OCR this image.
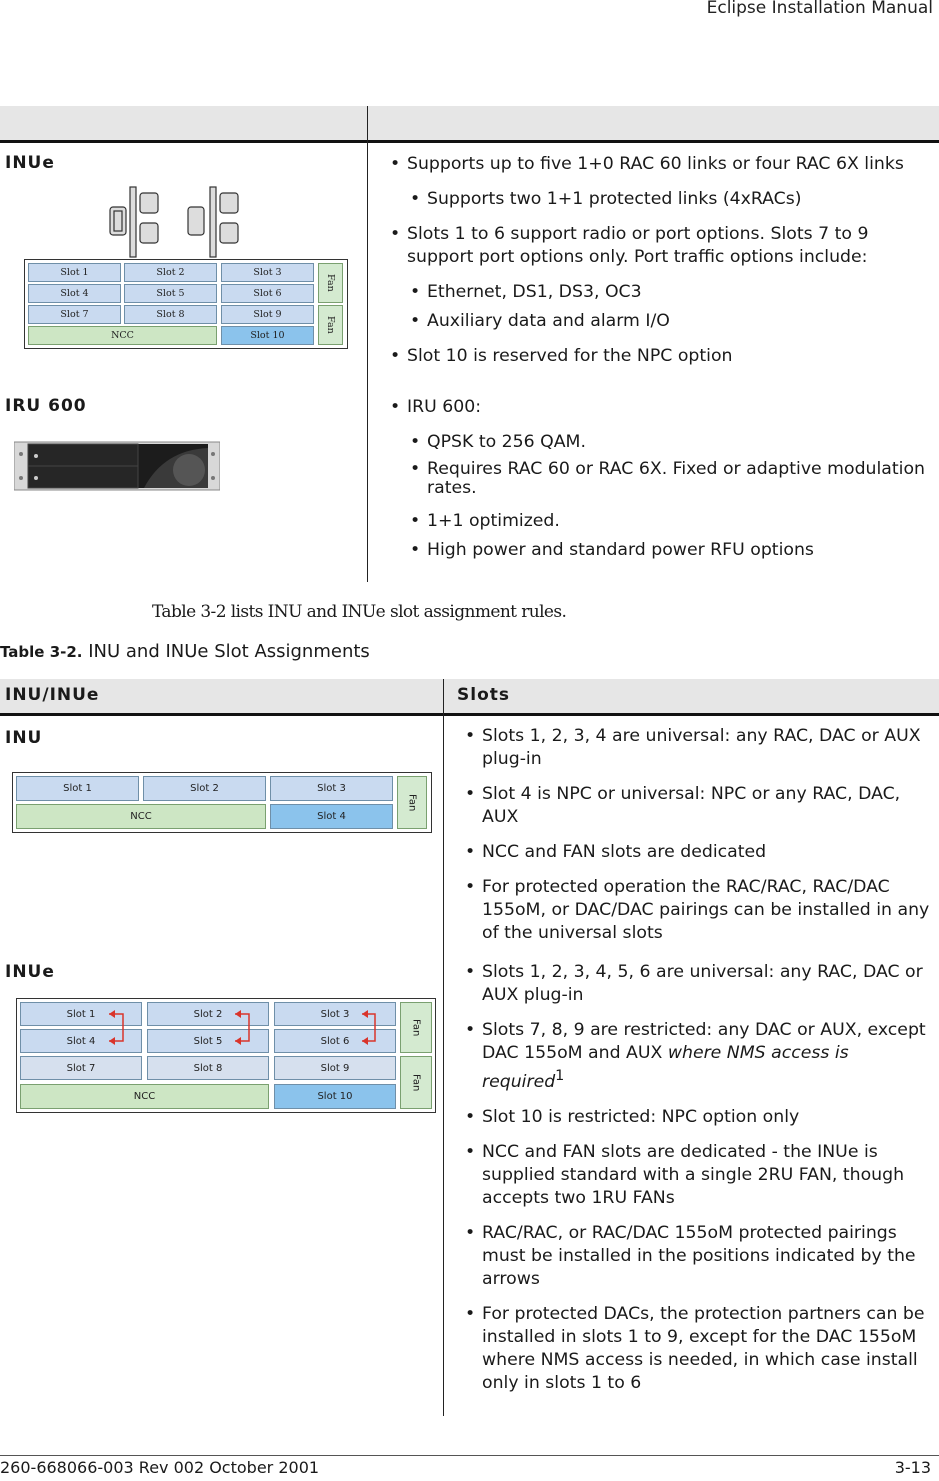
Eclipse Installation Manual
INUe
Slot 1	Slot 2	Slot 3
Slot 4	Slot 5	Slot 6
Slot 7	Slot 8	Slot 9
NCC	Slot 10
Fan
Fan
• Supports up to five 1+0 RAC 60 links or four RAC 6X links
• Supports two 1+1 protected links (4xRACs)
• Slots 1 to 6 support radio or port options. Slots 7 to 9 support port options only. Port traffic options include:
• Ethernet, DS1, DS3, OC3
• Auxiliary data and alarm I/O
• Slot 10 is reserved for the NPC option
IRU 600
•	IRU 600:
• QPSK to 256 QAM.
• Requires RAC 60 or RAC 6X. Fixed or adaptive modulation rates.
• 1+1 optimized.
• High power and standard power RFU options
Table 3-2 lists INU and INUe slot assignment rules.
Table 3-2. INU and INUe Slot Assignments
INU/INUe	Slots
INU
Slot 1	Slot 2	Slot 3
NCC	Slot 4
Fan
• Slots 1, 2, 3, 4 are universal: any RAC, DAC or AUX plug-in
• Slot 4 is NPC or universal: NPC or any RAC, DAC, AUX
• NCC and FAN slots are dedicated
• For protected operation the RAC/RAC, RAC/DAC 155oM, or DAC/DAC pairings can be installed in any of the universal slots
INUe
Slot 1	Slot 2	Slot 3
Slot 4	Slot 5	Slot 6
Slot 7	Slot 8	Slot 9
NCC	Slot 10
Fan
Fan
• Slots 1, 2, 3, 4, 5, 6 are universal: any RAC, DAC or AUX plug-in
• Slots 7, 8, 9 are restricted: any DAC or AUX, except DAC 155oM and AUX where NMS access is required$^1$
• Slot 10 is restricted: NPC option only
• NCC and FAN slots are dedicated - the INUe is supplied standard with a single 2RU FAN, though accepts two 1RU FANs
• RAC/RAC, or RAC/DAC 155oM protected pairings must be installed in the positions indicated by the arrows
• For protected DACs, the protection partners can be installed in slots 1 to 9, except for the DAC 155oM where NMS access is needed, in which case install only in slots 1 to 6
260-668066-003 Rev 002 October 2001	3-13
